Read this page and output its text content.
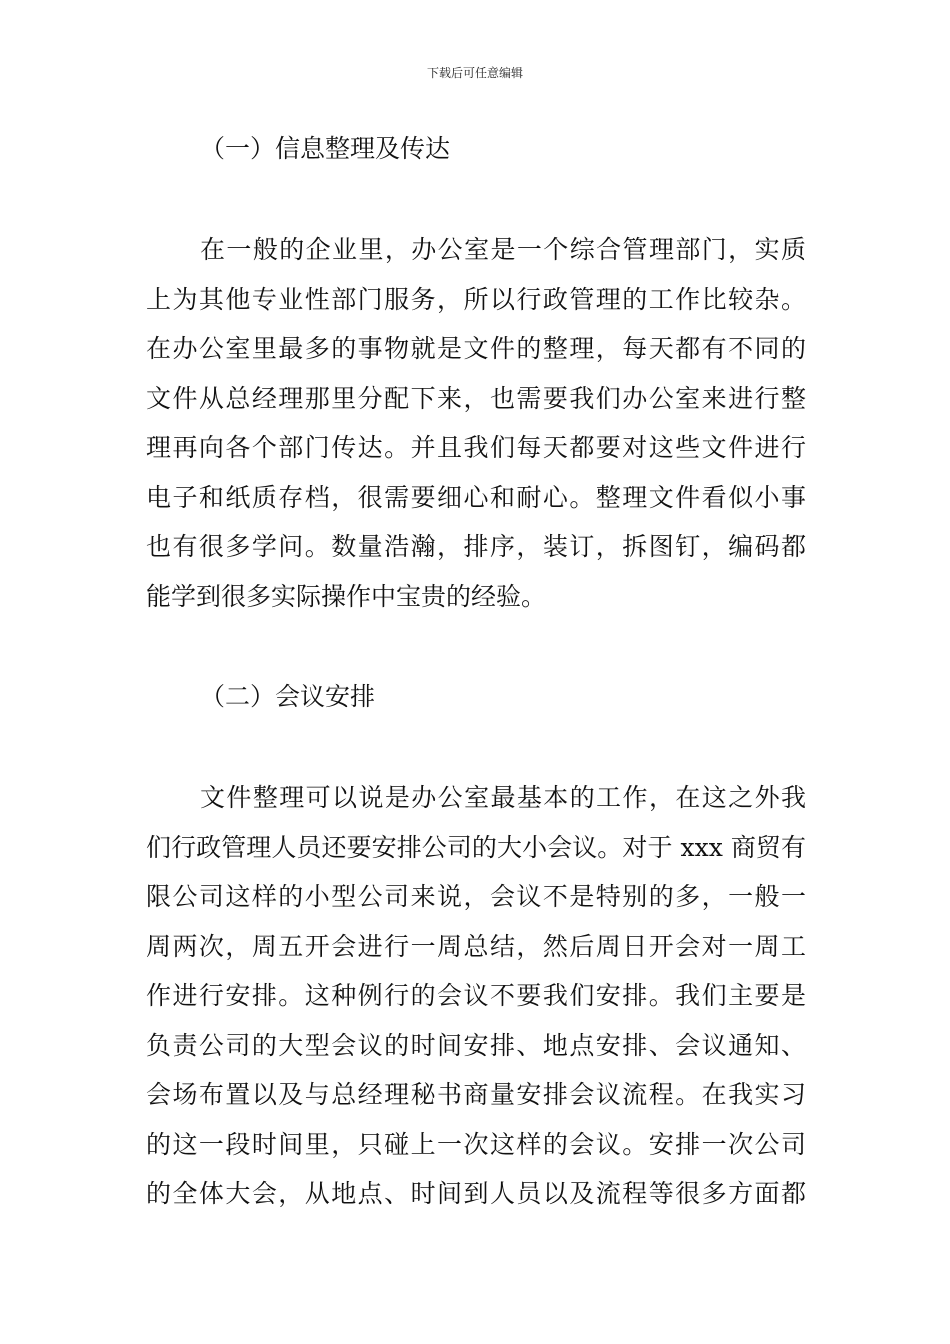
下载后可任意编辑
（一）信息整理及传达
在一般的企业里，办公室是一个综合管理部门，实质
上为其他专业性部门服务，所以行政管理的工作比较杂。
在办公室里最多的事物就是文件的整理，每天都有不同的
文件从总经理那里分配下来，也需要我们办公室来进行整
理再向各个部门传达。并且我们每天都要对这些文件进行
电子和纸质存档，很需要细心和耐心。整理文件看似小事
也有很多学问。数量浩瀚，排序，装订，拆图钉，编码都
能学到很多实际操作中宝贵的经验。
（二）会议安排
文件整理可以说是办公室最基本的工作，在这之外我
们行政管理人员还要安排公司的大小会议。对于 xxx 商贸有
限公司这样的小型公司来说，会议不是特别的多，一般一
周两次，周五开会进行一周总结，然后周日开会对一周工
作进行安排。这种例行的会议不要我们安排。我们主要是
负责公司的大型会议的时间安排、地点安排、会议通知、
会场布置以及与总经理秘书商量安排会议流程。在我实习
的这一段时间里，只碰上一次这样的会议。安排一次公司
的全体大会，从地点、时间到人员以及流程等很多方面都
